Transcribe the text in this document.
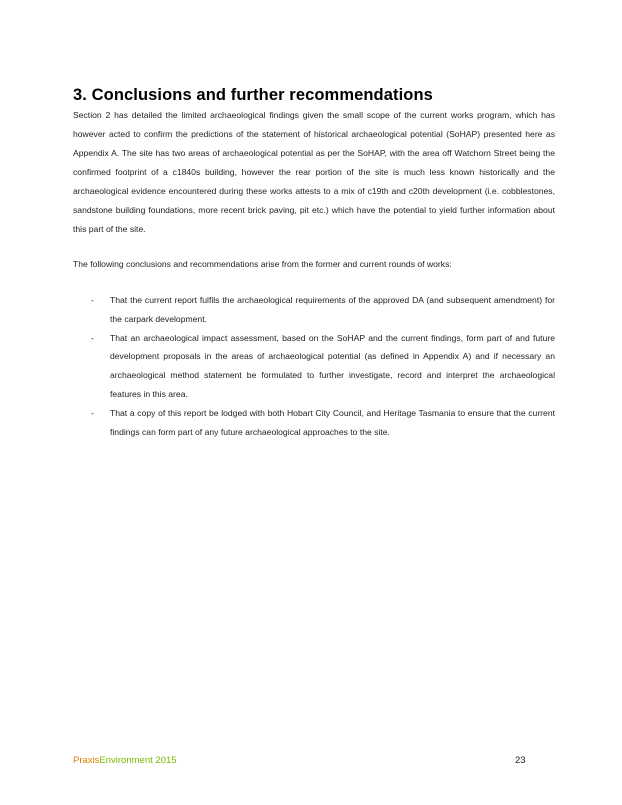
3. Conclusions and further recommendations

Section 2 has detailed the limited archaeological findings given the small scope of the current works program, which has however acted to confirm the predictions of the statement of historical archaeological potential (SoHAP) presented here as Appendix A. The site has two areas of archaeological potential as per the SoHAP, with the area off Watchorn Street being the confirmed footprint of a c1840s building, however the rear portion of the site is much less known historically and the archaeological evidence encountered during these works attests to a mix of c19th and c20th development (i.e. cobblestones, sandstone building foundations, more recent brick paving, pit etc.) which have the potential to yield further information about this part of the site.

The following conclusions and recommendations arise from the former and current rounds of works:

- That the current report fulfils the archaeological requirements of the approved DA (and subsequent amendment) for the carpark development.
- That an archaeological impact assessment, based on the SoHAP and the current findings, form part of and future development proposals in the areas of archaeological potential (as defined in Appendix A) and if necessary an archaeological method statement be formulated to further investigate, record and interpret the archaeological features in this area.
- That a copy of this report be lodged with both Hobart City Council, and Heritage Tasmania to ensure that the current findings can form part of any future archaeological approaches to the site.
PraxisEnvironment 2015	23
